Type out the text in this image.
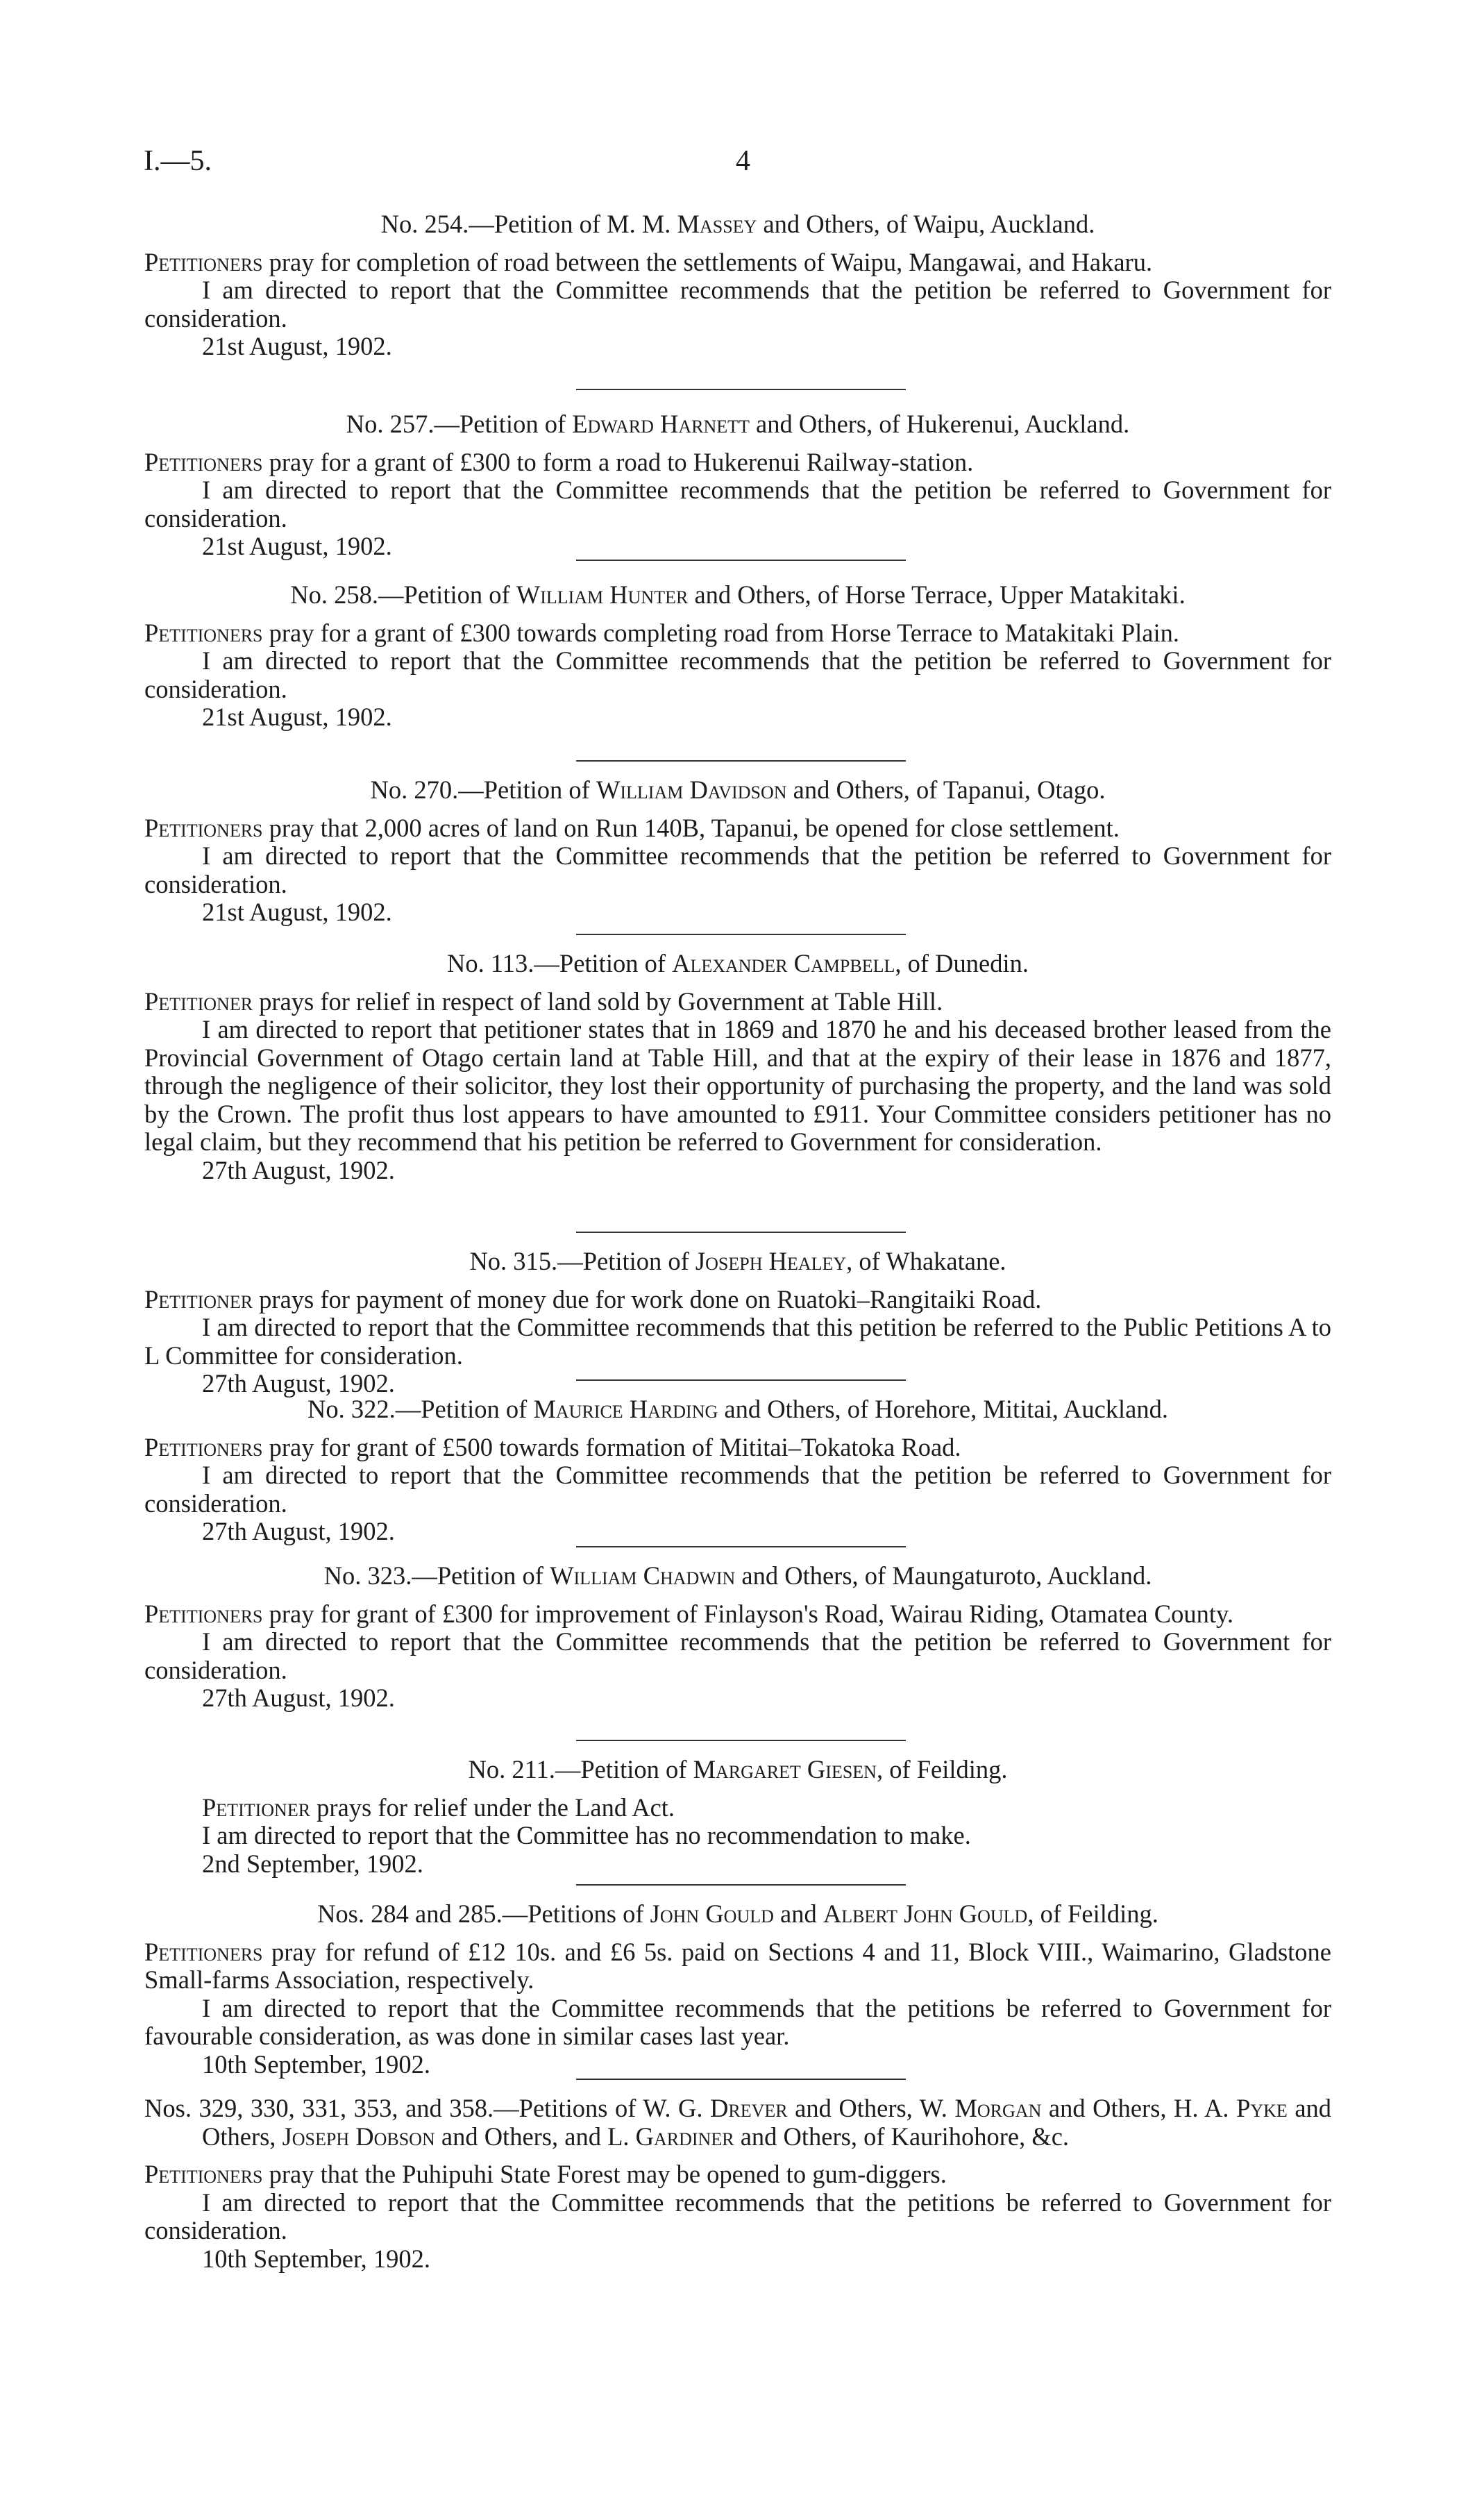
I.—5.	4
No. 254.—Petition of M. M. Massey and Others, of Waipu, Auckland.

Petitioners pray for completion of road between the settlements of Waipu, Mangawai, and Hakaru.

I am directed to report that the Committee recommends that the petition be referred to Government for consideration.

21st August, 1902.

No. 257.—Petition of Edward Harnett and Others, of Hukerenui, Auckland.

Petitioners pray for a grant of £300 to form a road to Hukerenui Railway-station.

I am directed to report that the Committee recommends that the petition be referred to Government for consideration.

21st August, 1902.

No. 258.—Petition of William Hunter and Others, of Horse Terrace, Upper Matakitaki.

Petitioners pray for a grant of £300 towards completing road from Horse Terrace to Matakitaki Plain.

I am directed to report that the Committee recommends that the petition be referred to Government for consideration.

21st August, 1902.

No. 270.—Petition of William Davidson and Others, of Tapanui, Otago.

Petitioners pray that 2,000 acres of land on Run 140B, Tapanui, be opened for close settlement.

I am directed to report that the Committee recommends that the petition be referred to Government for consideration.

21st August, 1902.

No. 113.—Petition of Alexander Campbell, of Dunedin.

Petitioner prays for relief in respect of land sold by Government at Table Hill.

I am directed to report that petitioner states that in 1869 and 1870 he and his deceased brother leased from the Provincial Government of Otago certain land at Table Hill, and that at the expiry of their lease in 1876 and 1877, through the negligence of their solicitor, they lost their opportunity of purchasing the property, and the land was sold by the Crown. The profit thus lost appears to have amounted to £911. Your Committee considers petitioner has no legal claim, but they recommend that his petition be referred to Government for consideration.

27th August, 1902.

No. 315.—Petition of Joseph Healey, of Whakatane.

Petitioner prays for payment of money due for work done on Ruatoki–Rangitaiki Road.

I am directed to report that the Committee recommends that this petition be referred to the Public Petitions A to L Committee for consideration.

27th August, 1902.

No. 322.—Petition of Maurice Harding and Others, of Horehore, Mititai, Auckland.

Petitioners pray for grant of £500 towards formation of Mititai–Tokatoka Road.

I am directed to report that the Committee recommends that the petition be referred to Government for consideration.

27th August, 1902.

No. 323.—Petition of William Chadwin and Others, of Maungaturoto, Auckland.

Petitioners pray for grant of £300 for improvement of Finlayson's Road, Wairau Riding, Otamatea County.

I am directed to report that the Committee recommends that the petition be referred to Government for consideration.

27th August, 1902.

No. 211.—Petition of Margaret Giesen, of Feilding.

Petitioner prays for relief under the Land Act.

I am directed to report that the Committee has no recommendation to make.

2nd September, 1902.

Nos. 284 and 285.—Petitions of John Gould and Albert John Gould, of Feilding.

Petitioners pray for refund of £12 10s. and £6 5s. paid on Sections 4 and 11, Block VIII., Waimarino, Gladstone Small-farms Association, respectively.

I am directed to report that the Committee recommends that the petitions be referred to Government for favourable consideration, as was done in similar cases last year.

10th September, 1902.

Nos. 329, 330, 331, 353, and 358.—Petitions of W. G. Drever and Others, W. Morgan and Others, H. A. Pyke and Others, Joseph Dobson and Others, and L. Gardiner and Others, of Kaurihohore, &c.

Petitioners pray that the Puhipuhi State Forest may be opened to gum-diggers.

I am directed to report that the Committee recommends that the petitions be referred to Government for consideration.

10th September, 1902.
